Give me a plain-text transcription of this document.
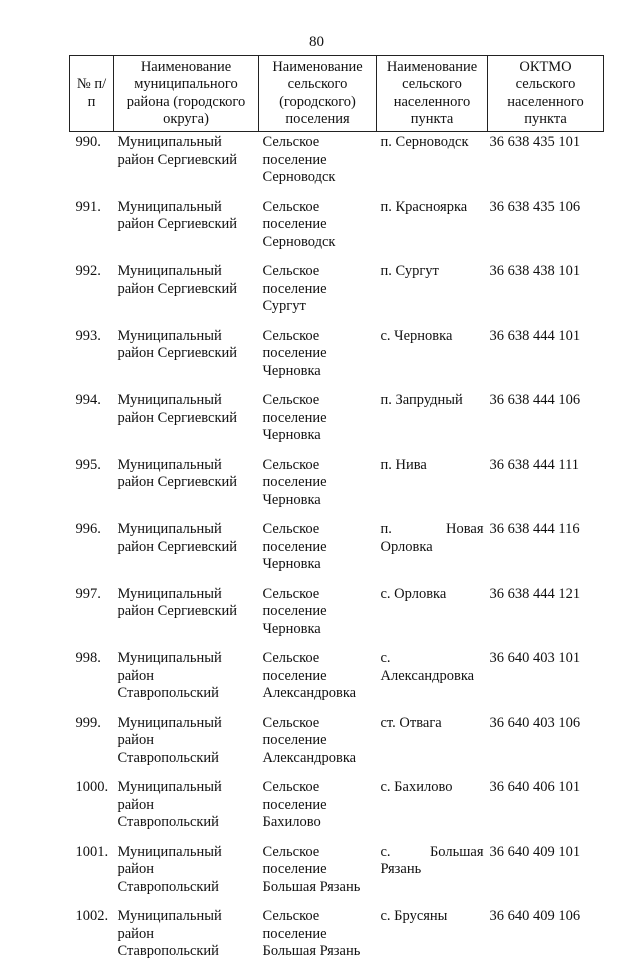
80
№ п/п	Наименование муниципального района (городского округа)	Наименование сельского (городского) поселения	Наименование сельского населенного пункта	ОКТМО сельского населенного пункта
990.	Муниципальный район Сергиевский	Сельское поселение Серноводск	п. Серноводск	36 638 435 101
991.	Муниципальный район Сергиевский	Сельское поселение Серноводск	п. Красноярка	36 638 435 106
992.	Муниципальный район Сергиевский	Сельское поселение Сургут	п. Сургут	36 638 438 101
993.	Муниципальный район Сергиевский	Сельское поселение Черновка	с. Черновка	36 638 444 101
994.	Муниципальный район Сергиевский	Сельское поселение Черновка	п. Запрудный	36 638 444 106
995.	Муниципальный район Сергиевский	Сельское поселение Черновка	п. Нива	36 638 444 111
996.	Муниципальный район Сергиевский	Сельское поселение Черновка	п. Новая Орловка	36 638 444 116
997.	Муниципальный район Сергиевский	Сельское поселение Черновка	с. Орловка	36 638 444 121
998.	Муниципальный район Ставропольский	Сельское поселение Александровка	с. Александровка	36 640 403 101
999.	Муниципальный район Ставропольский	Сельское поселение Александровка	ст. Отвага	36 640 403 106
1000.	Муниципальный район Ставропольский	Сельское поселение Бахилово	с. Бахилово	36 640 406 101
1001.	Муниципальный район Ставропольский	Сельское поселение Большая Рязань	с. Большая Рязань	36 640 409 101
1002.	Муниципальный район Ставропольский	Сельское поселение Большая Рязань	с. Брусяны	36 640 409 106
